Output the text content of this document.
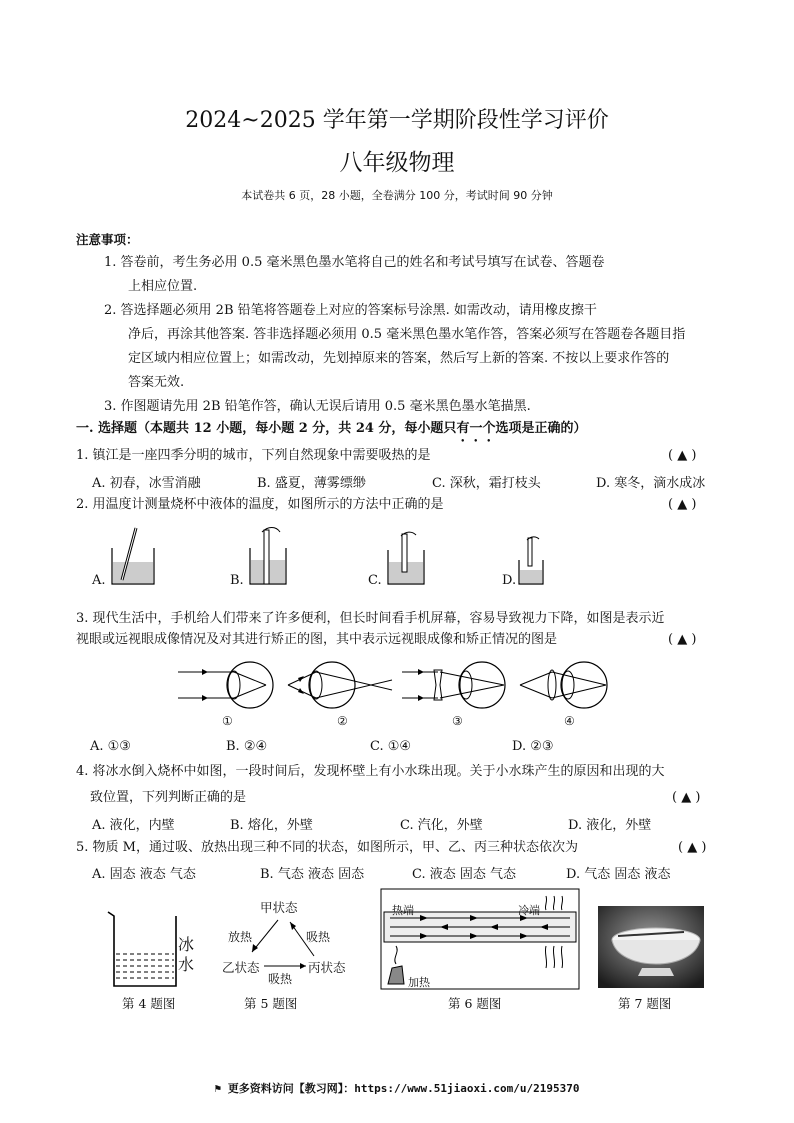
2024~2025 学年第一学期阶段性学习评价
八年级物理
本试卷共 6 页，28 小题，全卷满分 100 分，考试时间 90 分钟
注意事项：
1. 答卷前，考生务必用 0.5 毫米黑色墨水笔将自己的姓名和考试号填写在试卷、答题卷
上相应位置.
2. 答选择题必须用 2B 铅笔将答题卷上对应的答案标号涂黑. 如需改动，请用橡皮擦干
净后，再涂其他答案. 答非选择题必须用 0.5 毫米黑色墨水笔作答，答案必须写在答题卷各题目指
定区域内相应位置上；如需改动，先划掉原来的答案，然后写上新的答案. 不按以上要求作答的
答案无效.
3. 作图题请先用 2B 铅笔作答，确认无误后请用 0.5 毫米黑色墨水笔描黑.
一. 选择题（本题共 12 小题，每小题 2 分，共 24 分，每小题只有一个选项是正确的）
1. 镇江是一座四季分明的城市，下列自然现象中需要吸热的是	( ▲ )
A. 初春，冰雪消融	B. 盛夏，薄雾缥缈	C. 深秋，霜打枝头	D. 寒冬，滴水成冰
2. 用温度计测量烧杯中液体的温度，如图所示的方法中正确的是	( ▲ )
A.	B.	C.	D.
3. 现代生活中，手机给人们带来了许多便利，但长时间看手机屏幕，容易导致视力下降，如图是表示近
视眼或远视眼成像情况及对其进行矫正的图，其中表示远视眼成像和矫正情况的图是	( ▲ )
①	②	③	④
A. ①③	B. ②④	C. ①④	D. ②③
4. 将冰水倒入烧杯中如图，一段时间后，发现杯壁上有小水珠出现。关于小水珠产生的原因和出现的大
致位置，下列判断正确的是	( ▲ )
A. 液化，内壁	B. 熔化，外壁	C. 汽化，外壁	D. 液化，外壁
5. 物质 M，通过吸、放热出现三种不同的状态，如图所示，甲、乙、丙三种状态依次为	( ▲ )
A. 固态 液态 气态	B. 气态 液态 固态	C. 液态 固态 气态	D. 气态 固态 液态
冰
水
第 4 题图
甲状态
放热	吸热
乙状态	丙状态
吸热
第 5 题图
热端	冷端
加热
第 6 题图	第 7 题图
⚑ 更多资料访问【教习网】：https://www.51jiaoxi.com/u/2195370
